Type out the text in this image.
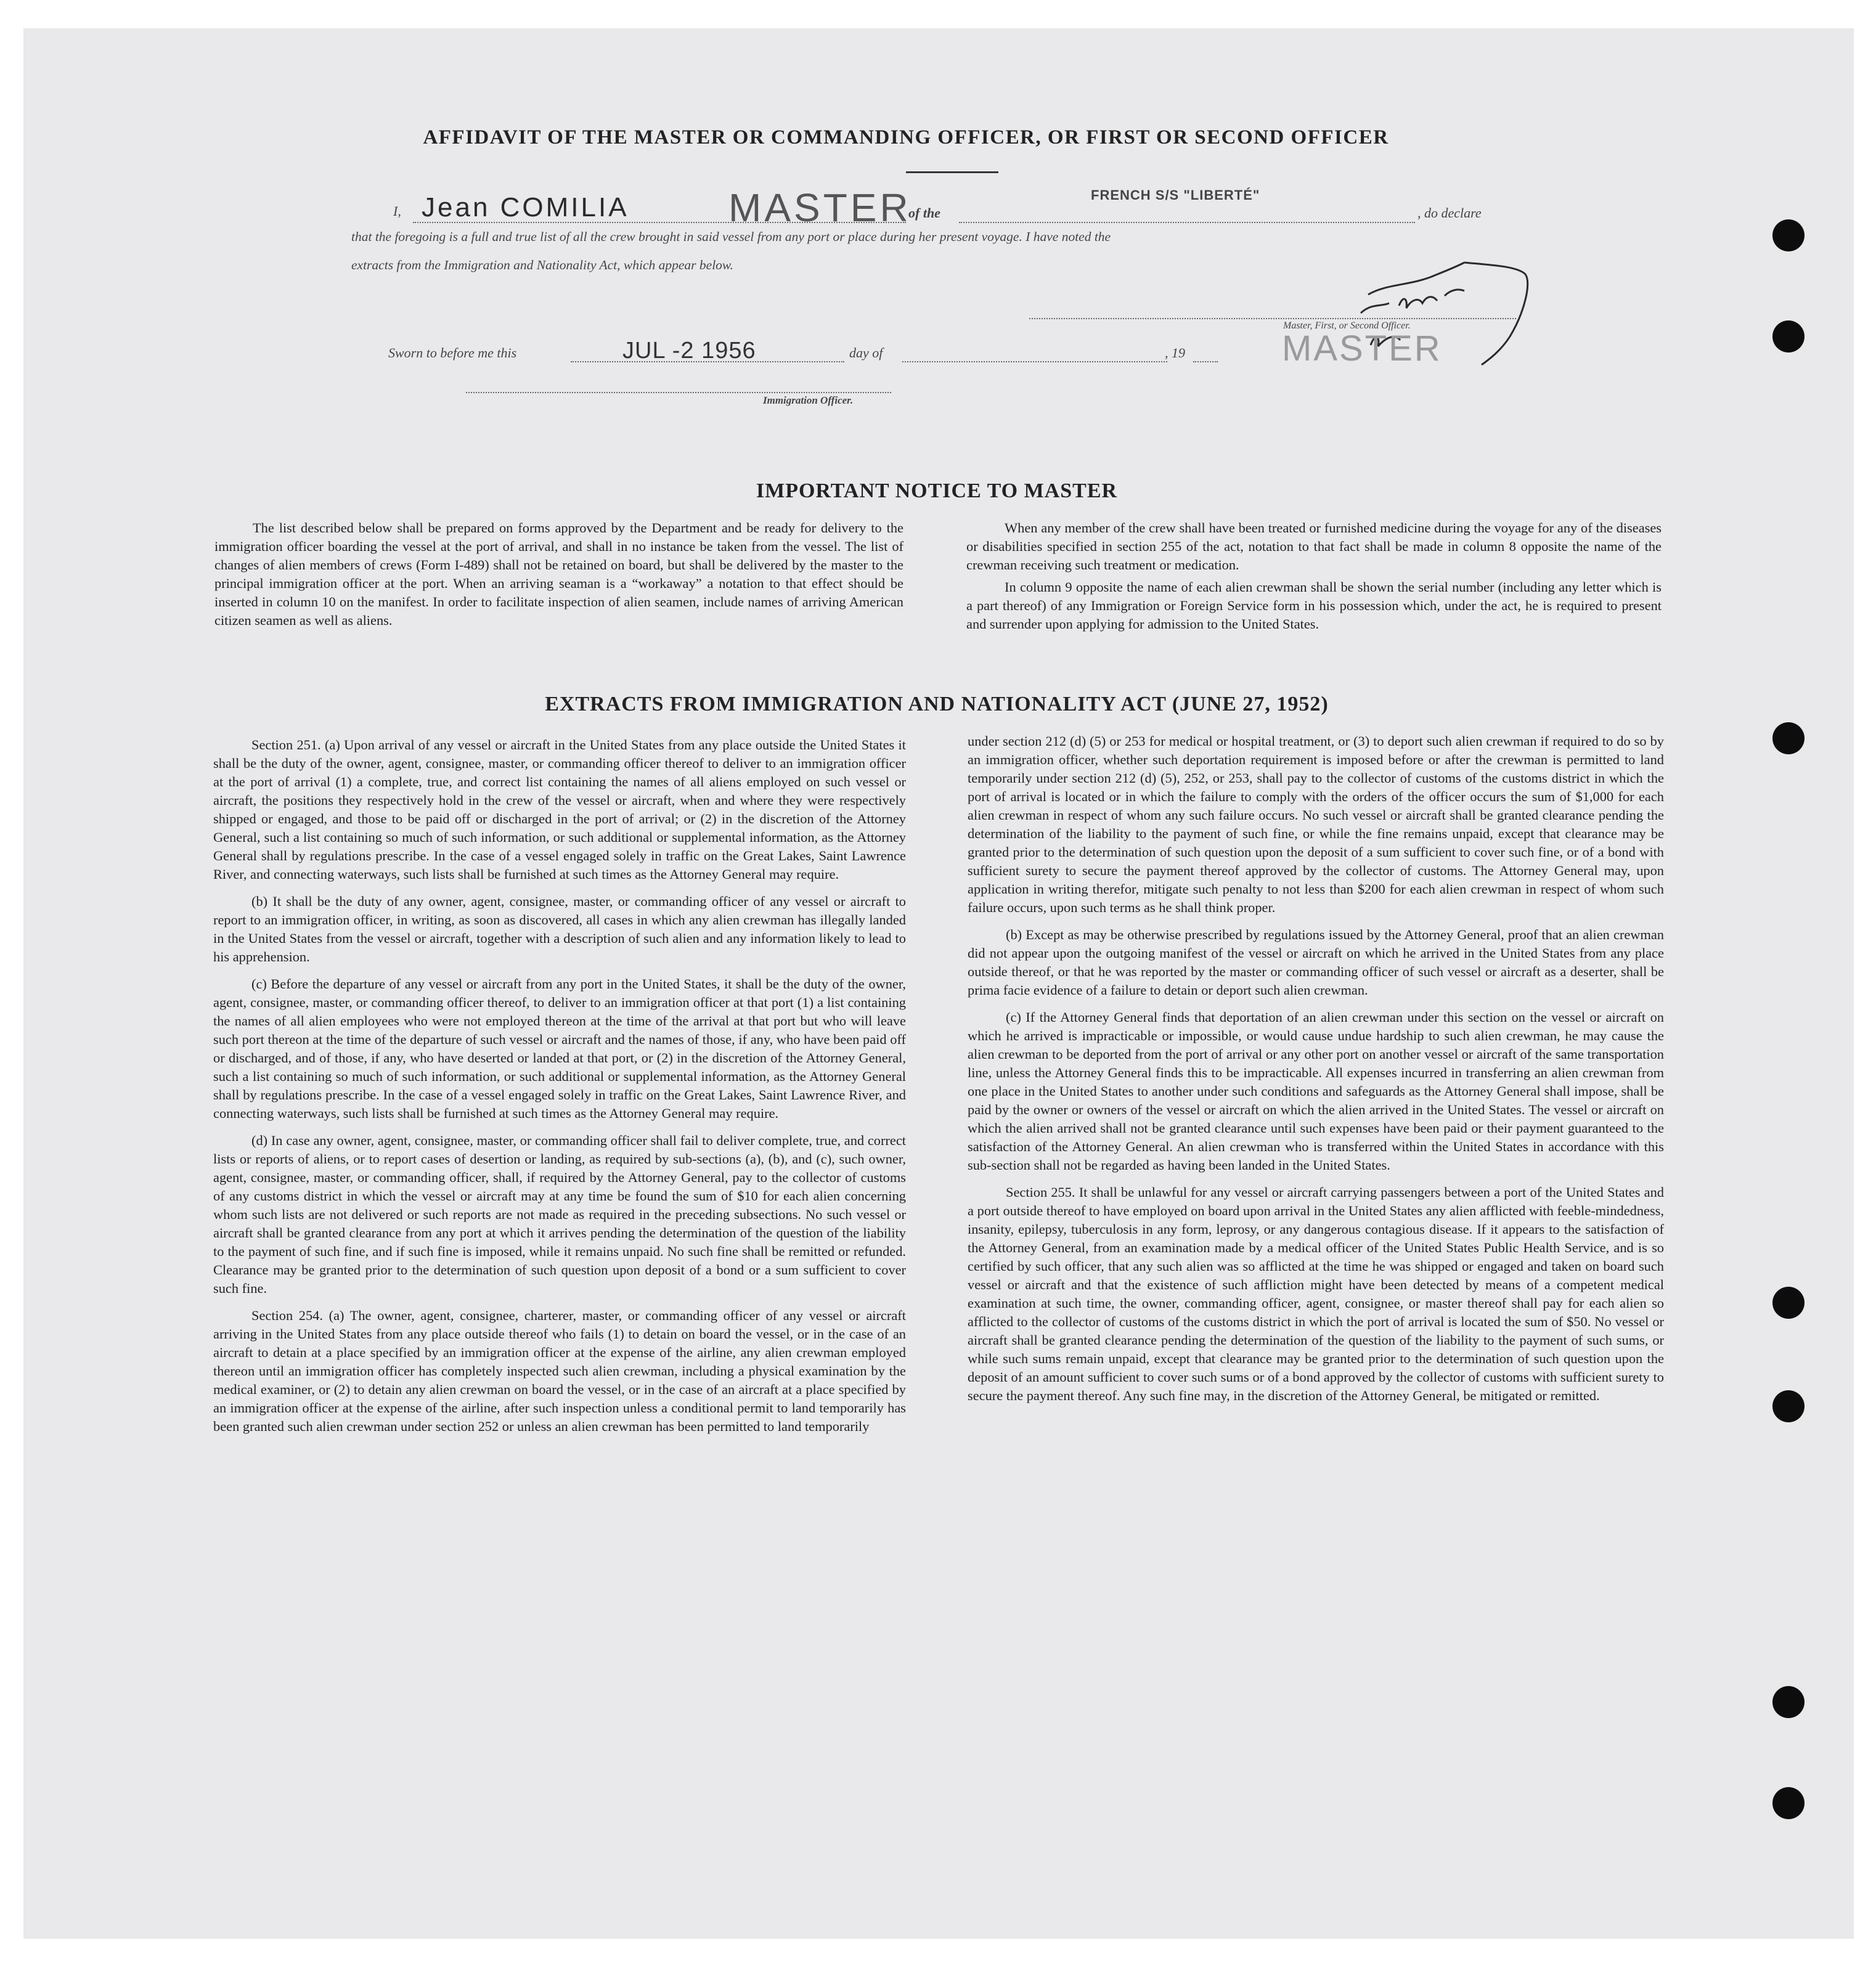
AFFIDAVIT OF THE MASTER OR COMMANDING OFFICER, OR FIRST OR SECOND OFFICER
I, Jean COMILIA	MASTER
of the
FRENCH S/S "LIBERTÉ"
, do declare
that the foregoing is a full and true list of all the crew brought in said vessel from any port or place during her present voyage. I have noted the
extracts from the Immigration and Nationality Act, which appear below.
Master, First, or Second Officer.
MASTER
Sworn to before me this	JUL -2 1956	day of	, 19
Immigration Officer.
IMPORTANT NOTICE TO MASTER

The list described below shall be prepared on forms approved by the Department and be ready for delivery to the immigration officer boarding the vessel at the port of arrival, and shall in no instance be taken from the vessel. The list of changes of alien members of crews (Form I-489) shall not be retained on board, but shall be delivered by the master to the principal immigration officer at the port. When an arriving seaman is a “workaway” a notation to that effect should be inserted in column 10 on the manifest. In order to facilitate inspection of alien seamen, include names of arriving American citizen seamen as well as aliens.

When any member of the crew shall have been treated or furnished medicine during the voyage for any of the diseases or disabilities specified in section 255 of the act, notation to that fact shall be made in column 8 opposite the name of the crewman receiving such treatment or medication.

In column 9 opposite the name of each alien crewman shall be shown the serial number (including any letter which is a part thereof) of any Immigration or Foreign Service form in his possession which, under the act, he is required to present and surrender upon applying for admission to the United States.

EXTRACTS FROM IMMIGRATION AND NATIONALITY ACT (JUNE 27, 1952)

Section 251. (a) Upon arrival of any vessel or aircraft in the United States from any place outside the United States it shall be the duty of the owner, agent, consignee, master, or commanding officer thereof to deliver to an immigration officer at the port of arrival (1) a complete, true, and correct list containing the names of all aliens employed on such vessel or aircraft, the positions they respectively hold in the crew of the vessel or aircraft, when and where they were respectively shipped or engaged, and those to be paid off or discharged in the port of arrival; or (2) in the discretion of the Attorney General, such a list containing so much of such information, or such additional or supplemental information, as the Attorney General shall by regulations prescribe. In the case of a vessel engaged solely in traffic on the Great Lakes, Saint Lawrence River, and connecting waterways, such lists shall be furnished at such times as the Attorney General may require.

(b) It shall be the duty of any owner, agent, consignee, master, or commanding officer of any vessel or aircraft to report to an immigration officer, in writing, as soon as discovered, all cases in which any alien crewman has illegally landed in the United States from the vessel or aircraft, together with a description of such alien and any information likely to lead to his apprehension.

(c) Before the departure of any vessel or aircraft from any port in the United States, it shall be the duty of the owner, agent, consignee, master, or commanding officer thereof, to deliver to an immigration officer at that port (1) a list containing the names of all alien employees who were not employed thereon at the time of the arrival at that port but who will leave such port thereon at the time of the departure of such vessel or aircraft and the names of those, if any, who have been paid off or discharged, and of those, if any, who have deserted or landed at that port, or (2) in the discretion of the Attorney General, such a list containing so much of such information, or such additional or supplemental information, as the Attorney General shall by regulations prescribe. In the case of a vessel engaged solely in traffic on the Great Lakes, Saint Lawrence River, and connecting waterways, such lists shall be furnished at such times as the Attorney General may require.

(d) In case any owner, agent, consignee, master, or commanding officer shall fail to deliver complete, true, and correct lists or reports of aliens, or to report cases of desertion or landing, as required by sub-sections (a), (b), and (c), such owner, agent, consignee, master, or commanding officer, shall, if required by the Attorney General, pay to the collector of customs of any customs district in which the vessel or aircraft may at any time be found the sum of $10 for each alien concerning whom such lists are not delivered or such reports are not made as required in the preceding subsections. No such vessel or aircraft shall be granted clearance from any port at which it arrives pending the determination of the question of the liability to the payment of such fine, and if such fine is imposed, while it remains unpaid. No such fine shall be remitted or refunded. Clearance may be granted prior to the determination of such question upon deposit of a bond or a sum sufficient to cover such fine.

Section 254. (a) The owner, agent, consignee, charterer, master, or commanding officer of any vessel or aircraft arriving in the United States from any place outside thereof who fails (1) to detain on board the vessel, or in the case of an aircraft to detain at a place specified by an immigration officer at the expense of the airline, any alien crewman employed thereon until an immigration officer has completely inspected such alien crewman, including a physical examination by the medical examiner, or (2) to detain any alien crewman on board the vessel, or in the case of an aircraft at a place specified by an immigration officer at the expense of the airline, after such inspection unless a conditional permit to land temporarily has been granted such alien crewman under section 252 or unless an alien crewman has been permitted to land temporarily

under section 212 (d) (5) or 253 for medical or hospital treatment, or (3) to deport such alien crewman if required to do so by an immigration officer, whether such deportation requirement is imposed before or after the crewman is permitted to land temporarily under section 212 (d) (5), 252, or 253, shall pay to the collector of customs of the customs district in which the port of arrival is located or in which the failure to comply with the orders of the officer occurs the sum of $1,000 for each alien crewman in respect of whom any such failure occurs. No such vessel or aircraft shall be granted clearance pending the determination of the liability to the payment of such fine, or while the fine remains unpaid, except that clearance may be granted prior to the determination of such question upon the deposit of a sum sufficient to cover such fine, or of a bond with sufficient surety to secure the payment thereof approved by the collector of customs. The Attorney General may, upon application in writing therefor, mitigate such penalty to not less than $200 for each alien crewman in respect of whom such failure occurs, upon such terms as he shall think proper.

(b) Except as may be otherwise prescribed by regulations issued by the Attorney General, proof that an alien crewman did not appear upon the outgoing manifest of the vessel or aircraft on which he arrived in the United States from any place outside thereof, or that he was reported by the master or commanding officer of such vessel or aircraft as a deserter, shall be prima facie evidence of a failure to detain or deport such alien crewman.

(c) If the Attorney General finds that deportation of an alien crewman under this section on the vessel or aircraft on which he arrived is impracticable or impossible, or would cause undue hardship to such alien crewman, he may cause the alien crewman to be deported from the port of arrival or any other port on another vessel or aircraft of the same transportation line, unless the Attorney General finds this to be impracticable. All expenses incurred in transferring an alien crewman from one place in the United States to another under such conditions and safeguards as the Attorney General shall impose, shall be paid by the owner or owners of the vessel or aircraft on which the alien arrived in the United States. The vessel or aircraft on which the alien arrived shall not be granted clearance until such expenses have been paid or their payment guaranteed to the satisfaction of the Attorney General. An alien crewman who is transferred within the United States in accordance with this sub-section shall not be regarded as having been landed in the United States.

Section 255. It shall be unlawful for any vessel or aircraft carrying passengers between a port of the United States and a port outside thereof to have employed on board upon arrival in the United States any alien afflicted with feeble-mindedness, insanity, epilepsy, tuberculosis in any form, leprosy, or any dangerous contagious disease. If it appears to the satisfaction of the Attorney General, from an examination made by a medical officer of the United States Public Health Service, and is so certified by such officer, that any such alien was so afflicted at the time he was shipped or engaged and taken on board such vessel or aircraft and that the existence of such affliction might have been detected by means of a competent medical examination at such time, the owner, commanding officer, agent, consignee, or master thereof shall pay for each alien so afflicted to the collector of customs of the customs district in which the port of arrival is located the sum of $50. No vessel or aircraft shall be granted clearance pending the determination of the question of the liability to the payment of such sums, or while such sums remain unpaid, except that clearance may be granted prior to the determination of such question upon the deposit of an amount sufficient to cover such sums or of a bond approved by the collector of customs with sufficient surety to secure the payment thereof. Any such fine may, in the discretion of the Attorney General, be mitigated or remitted.
